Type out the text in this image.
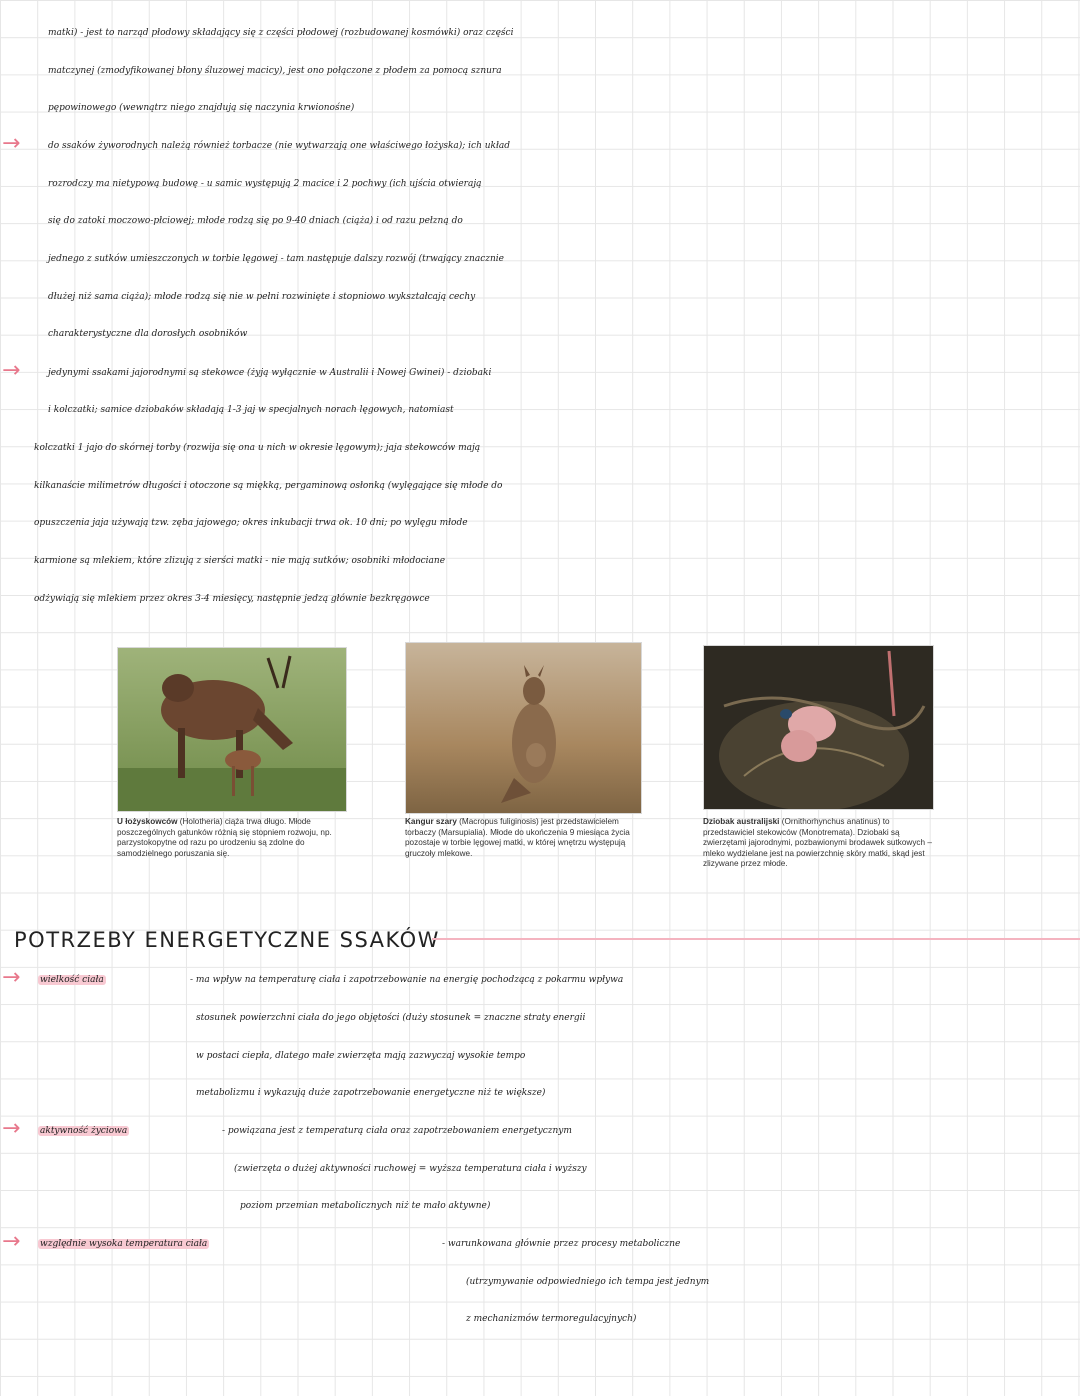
matki) - jest to narząd płodowy składający się z części płodowej (rozbudowanej kosmówki) oraz części
matczynej (zmodyfikowanej błony śluzowej macicy), jest ono połączone z płodem za pomocą sznura
pępowinowego (wewnątrz niego znajdują się naczynia krwionośne)
→	do ssaków żyworodnych należą również torbacze (nie wytwarzają one właściwego łożyska); ich układ
rozrodczy ma nietypową budowę - u samic występują 2 macice i 2 pochwy (ich ujścia otwierają
się do zatoki moczowo-płciowej; młode rodzą się po 9-40 dniach (ciąża) i od razu pełzną do
jednego z sutków umieszczonych w torbie lęgowej - tam następuje dalszy rozwój (trwający znacznie
dłużej niż sama ciąża); młode rodzą się nie w pełni rozwinięte i stopniowo wykształcają cechy
charakterystyczne dla dorosłych osobników
→	jedynymi ssakami jajorodnymi są stekowce (żyją wyłącznie w Australii i Nowej Gwinei) - dziobaki
i kolczatki; samice dziobaków składają 1-3 jaj w specjalnych norach lęgowych, natomiast
kolczatki 1 jajo do skórnej torby (rozwija się ona u nich w okresie lęgowym); jaja stekowców mają
kilkanaście milimetrów długości i otoczone są miękką, pergaminową osłonką (wylęgające się młode do
opuszczenia jaja używają tzw. zęba jajowego; okres inkubacji trwa ok. 10 dni; po wylęgu młode
karmione są mlekiem, które zlizują z sierści matki - nie mają sutków; osobniki młodociane
odżywiają się mlekiem przez okres 3-4 miesięcy, następnie jedzą głównie bezkręgowce
U łożyskowców (Holotheria) ciąża trwa długo. Młode poszczególnych gatunków różnią się stopniem rozwoju, np. parzystokopytne od razu po urodzeniu są zdolne do samodzielnego poruszania się.
Kangur szary (Macropus fuliginosis) jest przedstawicielem torbaczy (Marsupialia). Młode do ukończenia 9 miesiąca życia pozostaje w torbie lęgowej matki, w której wnętrzu występują gruczoły mlekowe.
Dziobak australijski (Ornithorhynchus anatinus) to przedstawiciel stekowców (Monotremata). Dziobaki są zwierzętami jajorodnymi, pozbawionymi brodawek sutkowych – mleko wydzielane jest na powierzchnię skóry matki, skąd jest zlizywane przez młode.
POTRZEBY ENERGETYCZNE SSAKÓW
→	wielkość ciała	- ma wpływ na temperaturę ciała i zapotrzebowanie na energię pochodzącą z pokarmu wpływa
stosunek powierzchni ciała do jego objętości (duży stosunek = znaczne straty energii
w postaci ciepła, dlatego małe zwierzęta mają zazwyczaj wysokie tempo
metabolizmu i wykazują duże zapotrzebowanie energetyczne niż te większe)
→	aktywność życiowa	- powiązana jest z temperaturą ciała oraz zapotrzebowaniem energetycznym
(zwierzęta o dużej aktywności ruchowej = wyższa temperatura ciała i wyższy
poziom przemian metabolicznych niż te mało aktywne)
→	względnie wysoka temperatura ciała	- warunkowana głównie przez procesy metaboliczne
(utrzymywanie odpowiedniego ich tempa jest jednym
z mechanizmów termoregulacyjnych)
